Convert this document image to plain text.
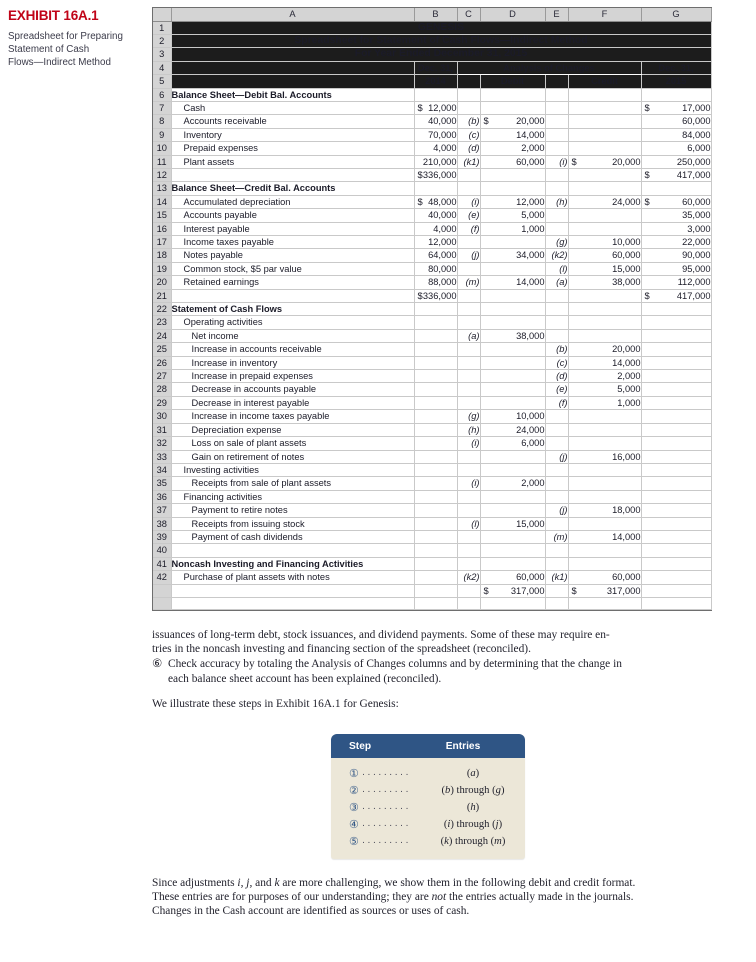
EXHIBIT 16A.1
Spreadsheet for Preparing
Statement of Cash
Flows—Indirect Method
	A	B	C	D	E	F	G
1	GENESIS						
2	Spreadsheet for Statement of Cash Flows—Indirect Method						
3	For Year Ended December 31, 2015						
4		Dec. 31,	Analysis of Changes				Dec. 31,
5		2014		Debit		Credit	2015
6	Balance Sheet—Debit Bal. Accounts						
7	Cash	$ 12,000					$ 17,000
8	Accounts receivable	40,000	(b)	$ 20,000			60,000
9	Inventory	70,000	(c)	14,000			84,000
10	Prepaid expenses	4,000	(d)	2,000			6,000
11	Plant assets	210,000	(k1)	60,000	(i)	$ 20,000	250,000
12		$ 336,000					$ 417,000
13	Balance Sheet—Credit Bal. Accounts						
14	Accumulated depreciation	$ 48,000	(i)	12,000	(h)	24,000	$ 60,000
15	Accounts payable	40,000	(e)	5,000			35,000
16	Interest payable	4,000	(f)	1,000			3,000
17	Income taxes payable	12,000			(g)	10,000	22,000
18	Notes payable	64,000	(j)	34,000	(k2)	60,000	90,000
19	Common stock, $5 par value	80,000			(l)	15,000	95,000
20	Retained earnings	88,000	(m)	14,000	(a)	38,000	112,000
21		$ 336,000					$ 417,000
22	Statement of Cash Flows						
23	Operating activities						
24	Net income		(a)	38,000			
25	Increase in accounts receivable				(b)	20,000	
26	Increase in inventory				(c)	14,000	
27	Increase in prepaid expenses				(d)	2,000	
28	Decrease in accounts payable				(e)	5,000	
29	Decrease in interest payable				(f)	1,000	
30	Increase in income taxes payable		(g)	10,000			
31	Depreciation expense		(h)	24,000			
32	Loss on sale of plant assets		(i)	6,000			
33	Gain on retirement of notes				(j)	16,000	
34	Investing activities						
35	Receipts from sale of plant assets		(i)	2,000			
36	Financing activities						
37	Payment to retire notes				(j)	18,000	
38	Receipts from issuing stock		(l)	15,000			
39	Payment of cash dividends				(m)	14,000	
40							
41	Noncash Investing and Financing Activities						
42	Purchase of plant assets with notes		(k2)	60,000	(k1)	60,000	

				$ 317,000		$ 317,000	

issuances of long-term debt, stock issuances, and dividend payments. Some of these may require en-
tries in the noncash investing and financing section of the spreadsheet (reconciled).
⑥ Check accuracy by totaling the Analysis of Changes columns and by determining that the change in
each balance sheet account has been explained (reconciled).
We illustrate these steps in Exhibit 16A.1 for Genesis:
Step	Entries
① ·········	(a)
② ·········	(b) through (g)
③ ·········	(h)
④ ·········	(i) through (j)
⑤ ·········	(k) through (m)
Since adjustments i, j, and k are more challenging, we show them in the following debit and credit format.
These entries are for purposes of our understanding; they are not the entries actually made in the journals.
Changes in the Cash account are identified as sources or uses of cash.
